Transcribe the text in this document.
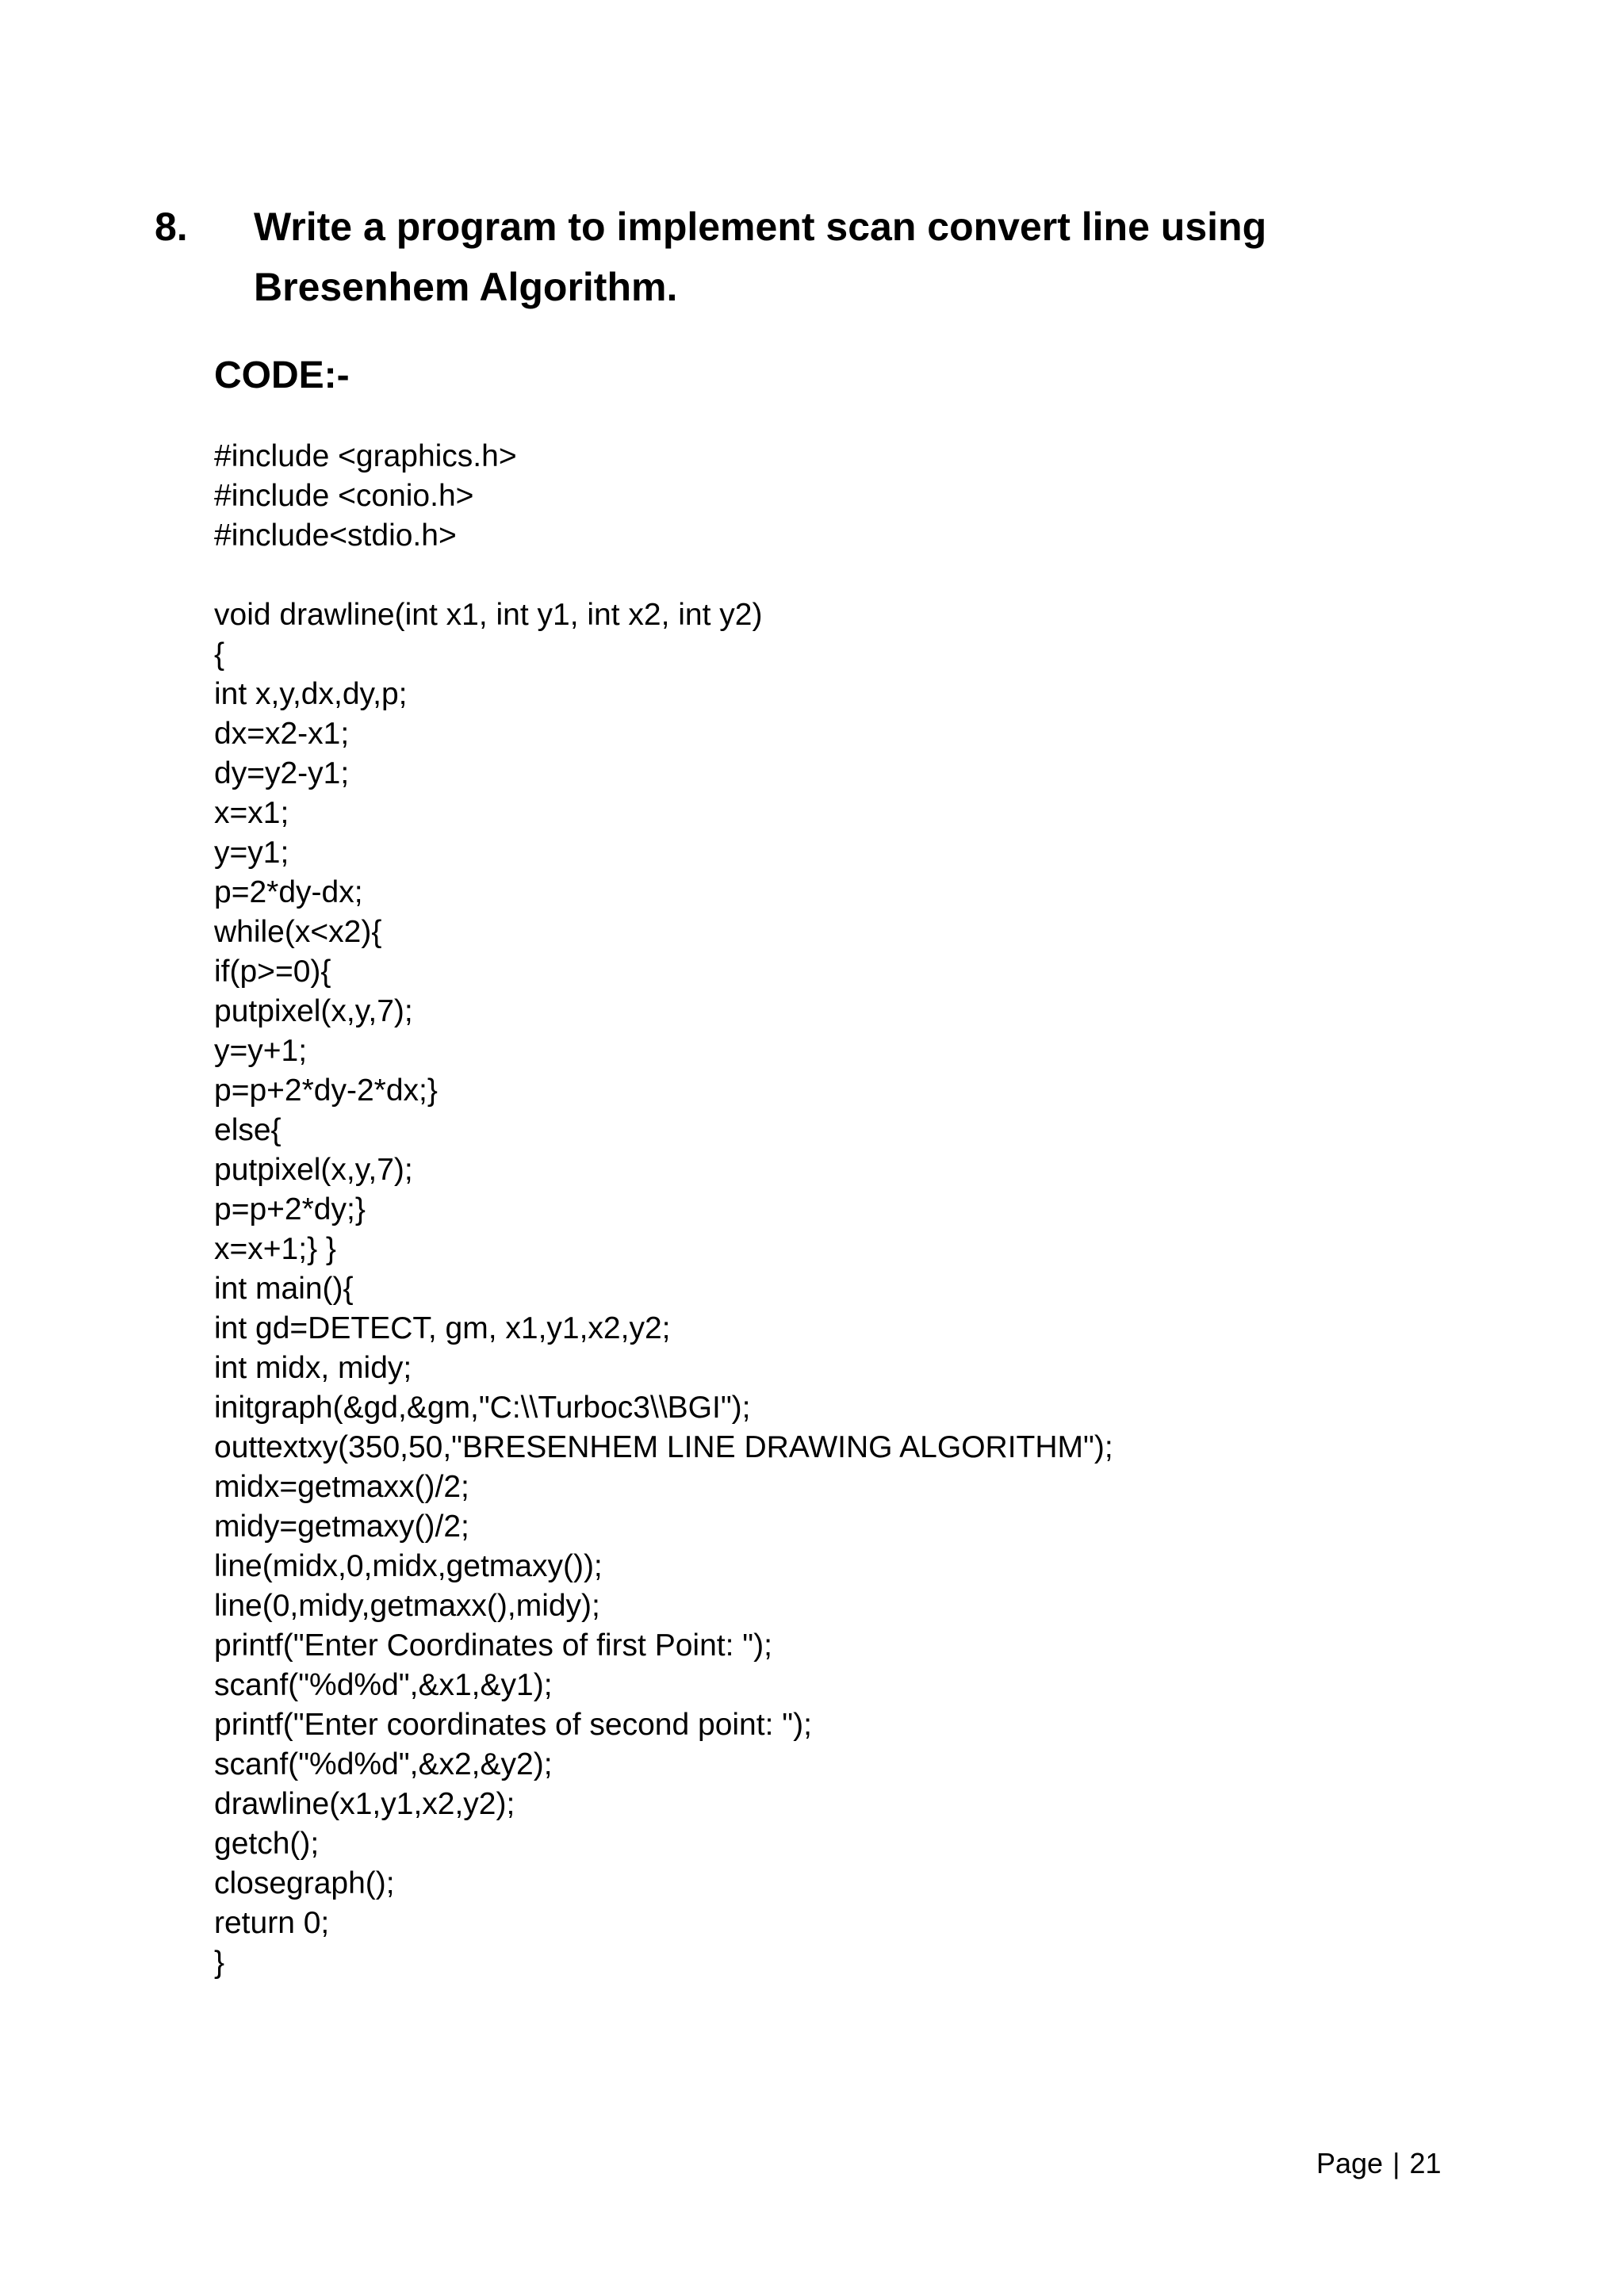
8. Write a program to implement scan convert line using
Bresenhem Algorithm.
CODE:-
#include <graphics.h>
#include <conio.h>
#include<stdio.h>
void drawline(int x1, int y1, int x2, int y2)
{
int x,y,dx,dy,p;
dx=x2-x1;
dy=y2-y1;
x=x1;
y=y1;
p=2*dy-dx;
while(x<x2){
if(p>=0){
putpixel(x,y,7);
y=y+1;
p=p+2*dy-2*dx;}
else{
putpixel(x,y,7);
p=p+2*dy;}
x=x+1;} }
int main(){
int gd=DETECT, gm, x1,y1,x2,y2;
int midx, midy;
initgraph(&gd,&gm,"C:\\Turboc3\\BGI");
outtextxy(350,50,"BRESENHEM LINE DRAWING ALGORITHM");
midx=getmaxx()/2;
midy=getmaxy()/2;
line(midx,0,midx,getmaxy());
line(0,midy,getmaxx(),midy);
printf("Enter Coordinates of first Point: ");
scanf("%d%d",&x1,&y1);
printf("Enter coordinates of second point: ");
scanf("%d%d",&x2,&y2);
drawline(x1,y1,x2,y2);
getch();
closegraph();
return 0;
}
Page | 21
